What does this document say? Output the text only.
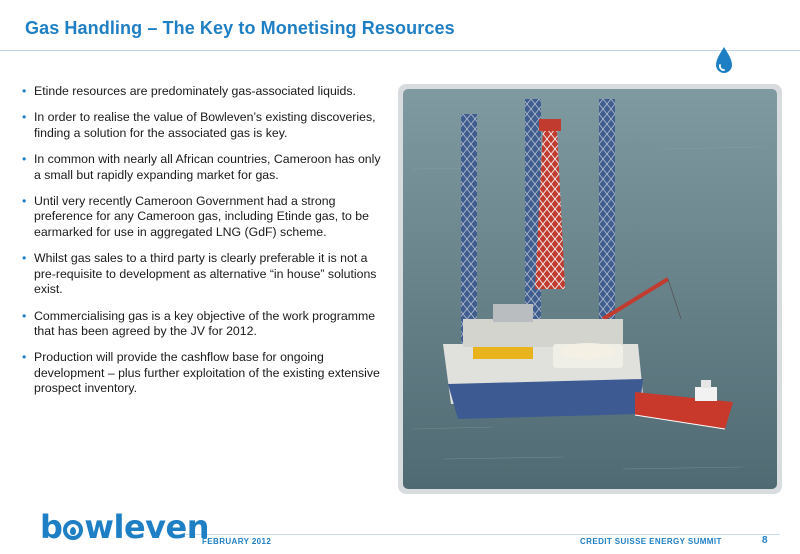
Gas Handling – The Key to Monetising Resources
• Etinde resources are predominately gas-associated liquids.
• In order to realise the value of Bowleven’s existing discoveries, finding a solution for the associated gas is key.
• In common with nearly all African countries, Cameroon has only a small but rapidly expanding market for gas.
• Until very recently Cameroon Government had a strong preference for any Cameroon gas, including Etinde gas, to be earmarked for use in aggregated LNG (GdF) scheme.
• Whilst gas sales to a third party is clearly preferable it is not a pre-requisite to development as alternative “in house” solutions exist.
• Commercialising gas is a key objective of the work programme that has been agreed by the JV for 2012.
• Production will provide the cashflow base for ongoing development – plus further exploitation of the existing extensive prospect inventory.
b wleven
FEBRUARY 2012	CREDIT SUISSE ENERGY SUMMIT	8
